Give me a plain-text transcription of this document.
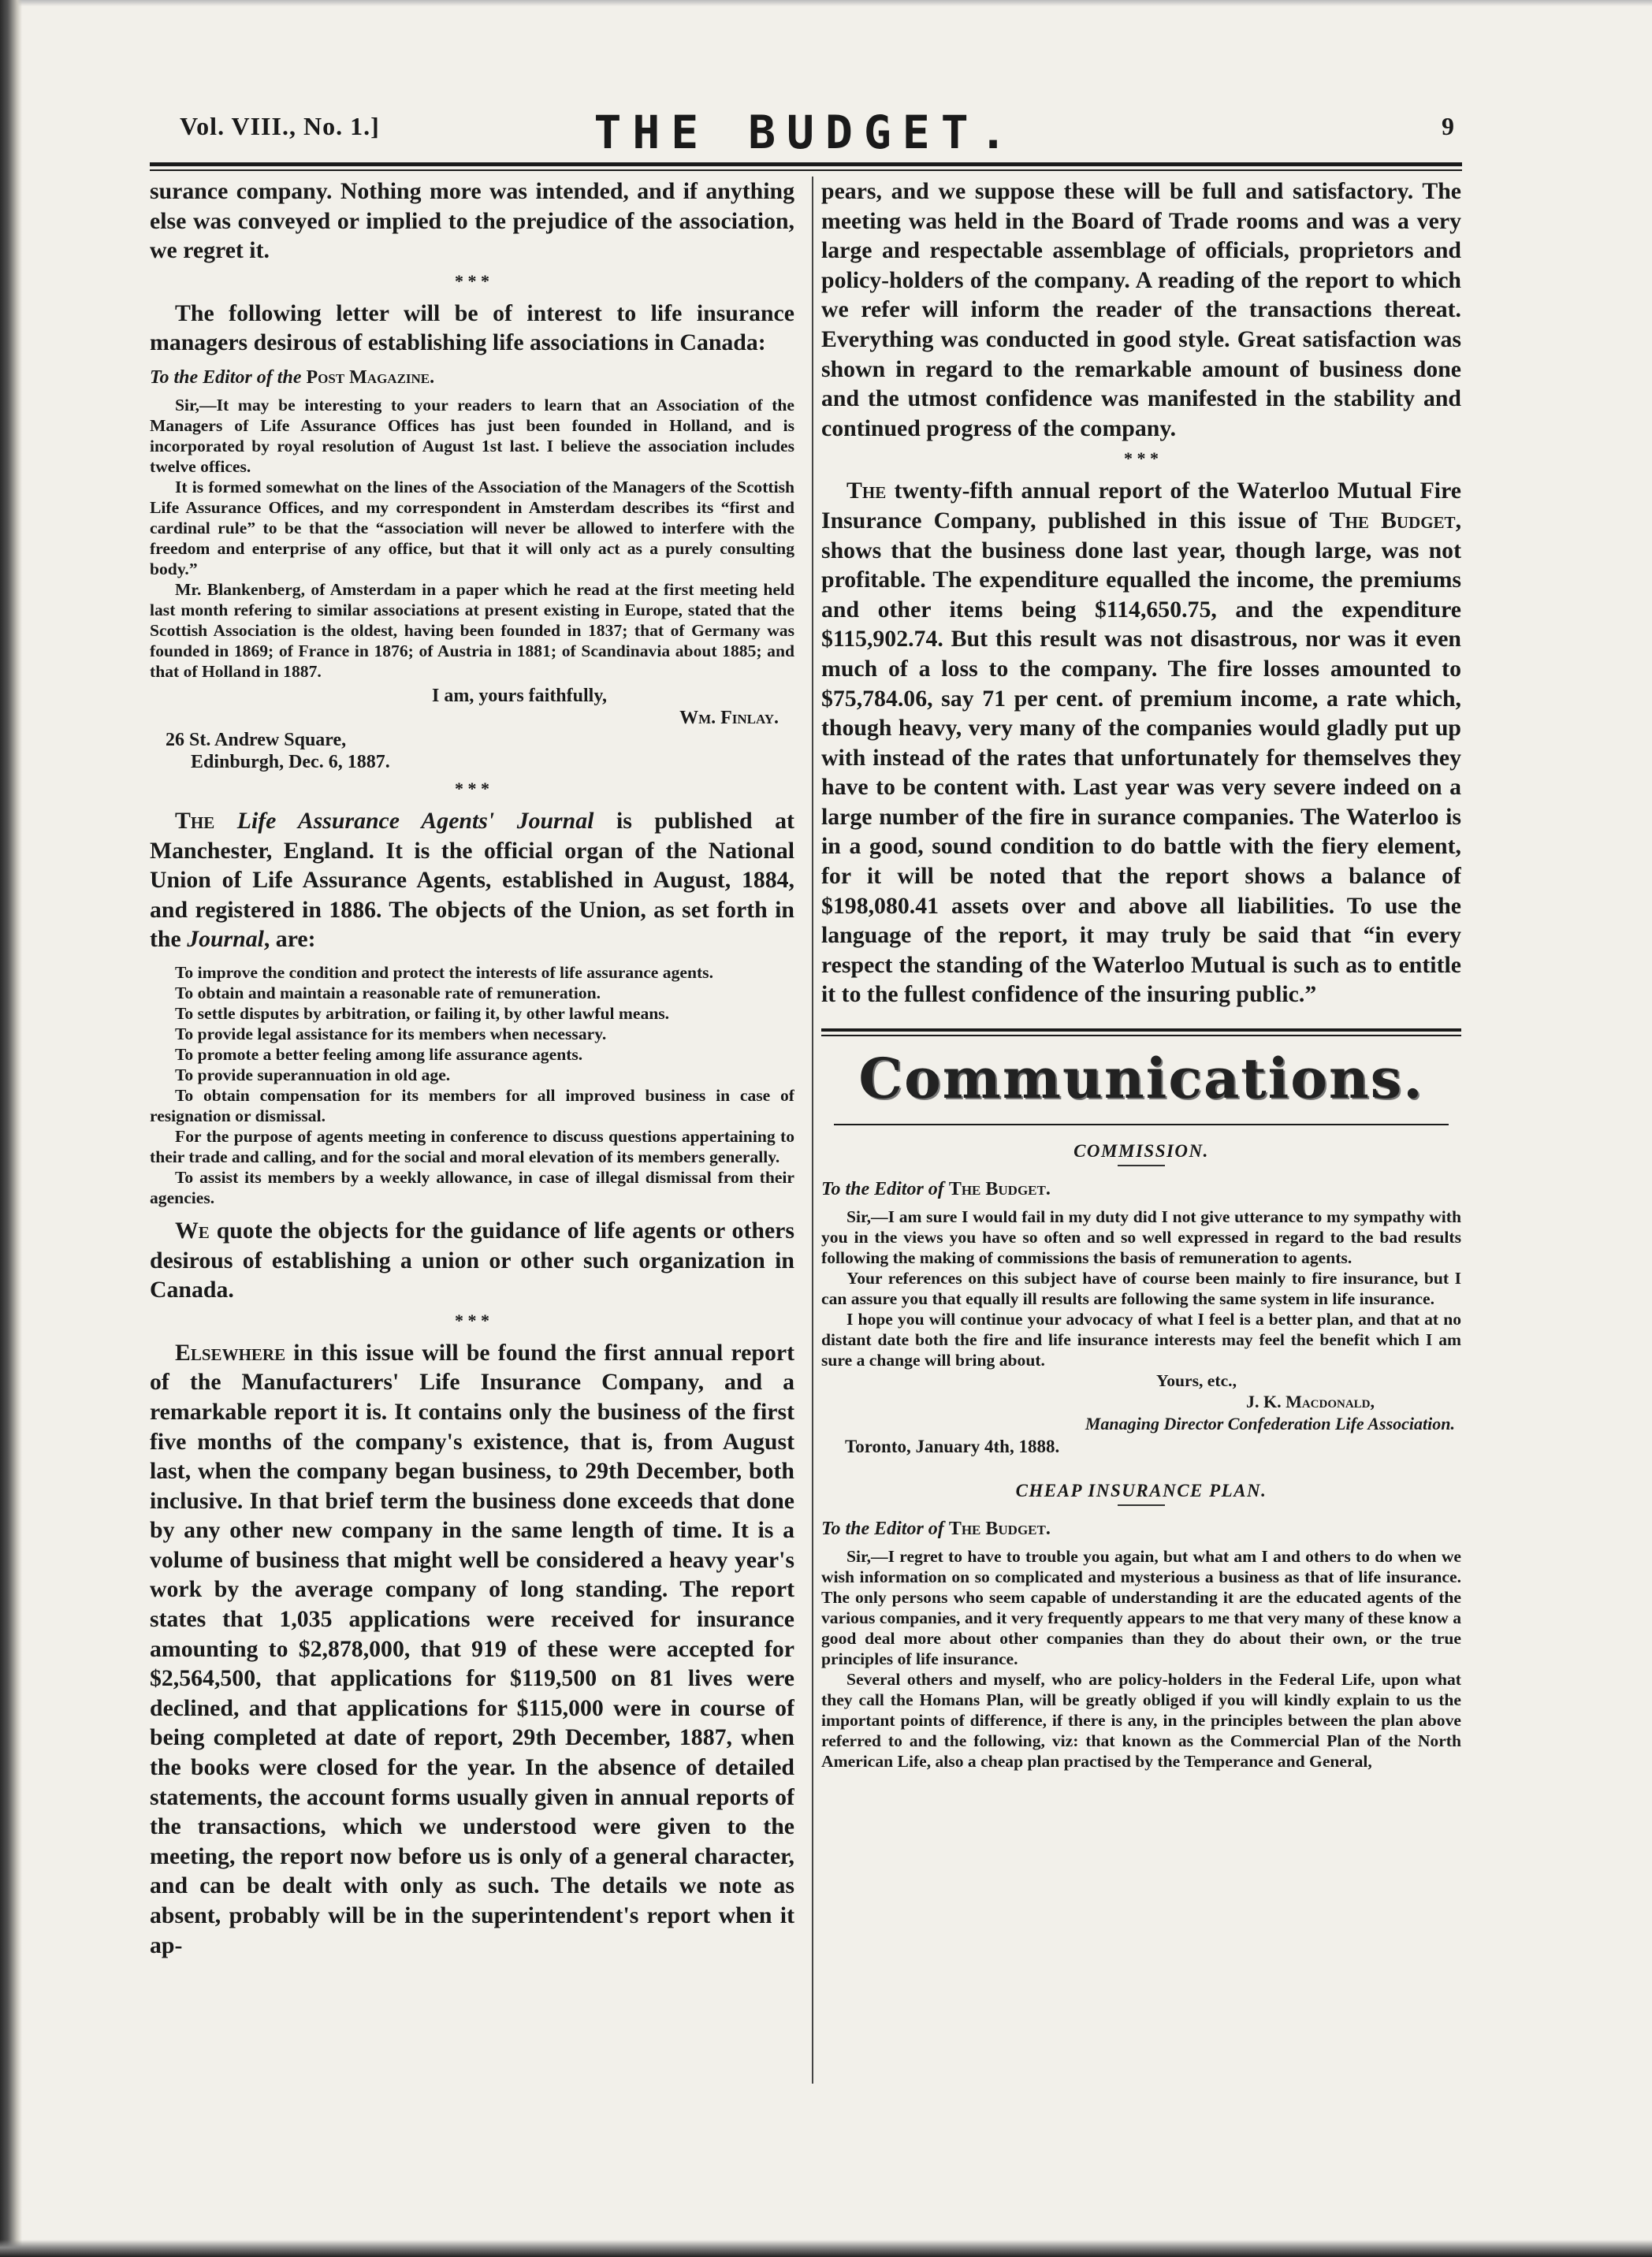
Vol. VIII., No. 1.]	THE BUDGET.	9

surance company. Nothing more was intended, and if anything else was conveyed or implied to the prejudice of the association, we regret it.

* * *

The following letter will be of interest to life insurance managers desirous of establishing life associations in Canada:

To the Editor of the Post Magazine.

Sir,—It may be interesting to your readers to learn that an Association of the Managers of Life Assurance Offices has just been founded in Holland, and is incorporated by royal resolution of August 1st last. I believe the association includes twelve offices.

It is formed somewhat on the lines of the Association of the Managers of the Scottish Life Assurance Offices, and my correspondent in Amsterdam describes its “first and cardinal rule” to be that the “association will never be allowed to interfere with the freedom and enterprise of any office, but that it will only act as a purely consulting body.”

Mr. Blankenberg, of Amsterdam in a paper which he read at the first meeting held last month refering to similar associations at present existing in Europe, stated that the Scottish Association is the oldest, having been founded in 1837; that of Germany was founded in 1869; of France in 1876; of Austria in 1881; of Scandinavia about 1885; and that of Holland in 1887.

I am, yours faithfully,

Wm. Finlay.

26 St. Andrew Square,

Edinburgh, Dec. 6, 1887.

* * *

The Life Assurance Agents' Journal is published at Manchester, England. It is the official organ of the National Union of Life Assurance Agents, established in August, 1884, and registered in 1886. The objects of the Union, as set forth in the Journal, are:

To improve the condition and protect the interests of life assurance agents.

To obtain and maintain a reasonable rate of remuneration.

To settle disputes by arbitration, or failing it, by other lawful means.

To provide legal assistance for its members when necessary.

To promote a better feeling among life assurance agents.

To provide superannuation in old age.

To obtain compensation for its members for all improved business in case of resignation or dismissal.

For the purpose of agents meeting in conference to discuss questions appertaining to their trade and calling, and for the social and moral elevation of its members generally.

To assist its members by a weekly allowance, in case of illegal dismissal from their agencies.

We quote the objects for the guidance of life agents or others desirous of establishing a union or other such organization in Canada.

* * *

Elsewhere in this issue will be found the first annual report of the Manufacturers' Life Insurance Company, and a remarkable report it is. It contains only the business of the first five months of the company's existence, that is, from August last, when the company began business, to 29th December, both inclusive. In that brief term the business done exceeds that done by any other new company in the same length of time. It is a volume of business that might well be considered a heavy year's work by the average company of long standing. The report states that 1,035 applications were received for insurance amounting to $2,878,000, that 919 of these were accepted for $2,564,500, that applications for $119,500 on 81 lives were declined, and that applications for $115,000 were in course of being completed at date of report, 29th December, 1887, when the books were closed for the year. In the absence of detailed statements, the account forms usually given in annual reports of the transactions, which we understood were given to the meeting, the report now before us is only of a general character, and can be dealt with only as such. The details we note as absent, probably will be in the superintendent's report when it ap-

pears, and we suppose these will be full and satisfactory. The meeting was held in the Board of Trade rooms and was a very large and respectable assemblage of officials, proprietors and policy-holders of the company. A reading of the report to which we refer will inform the reader of the transactions thereat. Everything was conducted in good style. Great satisfaction was shown in regard to the remarkable amount of business done and the utmost confidence was manifested in the stability and continued progress of the company.

* * *

The twenty-fifth annual report of the Waterloo Mutual Fire Insurance Company, published in this issue of The Budget, shows that the business done last year, though large, was not profitable. The expenditure equalled the income, the premiums and other items being $114,650.75, and the expenditure $115,902.74. But this result was not disastrous, nor was it even much of a loss to the company. The fire losses amounted to $75,784.06, say 71 per cent. of premium income, a rate which, though heavy, very many of the companies would gladly put up with instead of the rates that unfortunately for themselves they have to be content with. Last year was very severe indeed on a large number of the fire in surance companies. The Waterloo is in a good, sound condition to do battle with the fiery element, for it will be noted that the report shows a balance of $198,080.41 assets over and above all liabilities. To use the language of the report, it may truly be said that “in every respect the standing of the Waterloo Mutual is such as to entitle it to the fullest confidence of the insuring public.”

Communications.
COMMISSION.
To the Editor of The Budget.

Sir,—I am sure I would fail in my duty did I not give utterance to my sympathy with you in the views you have so often and so well expressed in regard to the bad results following the making of commissions the basis of remuneration to agents.

Your references on this subject have of course been mainly to fire insurance, but I can assure you that equally ill results are following the same system in life insurance.

I hope you will continue your advocacy of what I feel is a better plan, and that at no distant date both the fire and life insurance interests may feel the benefit which I am sure a change will bring about.

Yours, etc.,

J. K. Macdonald,

Managing Director Confederation Life Association.

Toronto, January 4th, 1888.

CHEAP INSURANCE PLAN.
To the Editor of The Budget.

Sir,—I regret to have to trouble you again, but what am I and others to do when we wish information on so complicated and mysterious a business as that of life insurance. The only persons who seem capable of understanding it are the educated agents of the various companies, and it very frequently appears to me that very many of these know a good deal more about other companies than they do about their own, or the true principles of life insurance.

Several others and myself, who are policy-holders in the Federal Life, upon what they call the Homans Plan, will be greatly obliged if you will kindly explain to us the important points of difference, if there is any, in the principles between the plan above referred to and the following, viz: that known as the Commercial Plan of the North American Life, also a cheap plan practised by the Temperance and General,
